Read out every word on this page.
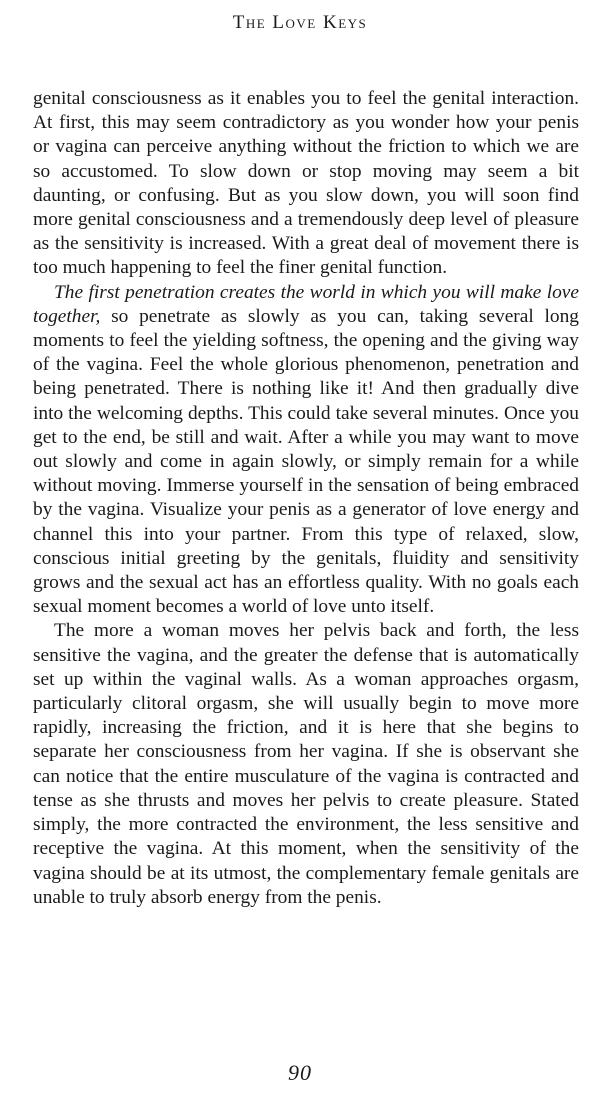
The Love Keys

genital consciousness as it enables you to feel the genital interaction. At first, this may seem contradictory as you wonder how your penis or vagina can perceive anything without the friction to which we are so accustomed. To slow down or stop moving may seem a bit daunting, or confusing. But as you slow down, you will soon find more genital consciousness and a tremendously deep level of pleasure as the sensitivity is increased. With a great deal of movement there is too much happening to feel the finer genital function.

The first penetration creates the world in which you will make love together, so penetrate as slowly as you can, taking several long moments to feel the yielding softness, the opening and the giving way of the vagina. Feel the whole glorious phenomenon, penetration and being penetrated. There is nothing like it! And then gradually dive into the welcoming depths. This could take several minutes. Once you get to the end, be still and wait. After a while you may want to move out slowly and come in again slowly, or simply remain for a while without moving. Immerse yourself in the sensation of being embraced by the vagina. Visualize your penis as a generator of love energy and channel this into your partner. From this type of relaxed, slow, conscious initial greeting by the genitals, fluidity and sensitivity grows and the sexual act has an effortless quality. With no goals each sexual moment becomes a world of love unto itself.

The more a woman moves her pelvis back and forth, the less sensitive the vagina, and the greater the defense that is automatically set up within the vaginal walls. As a woman approaches orgasm, particularly clitoral orgasm, she will usually begin to move more rapidly, increasing the friction, and it is here that she begins to separate her consciousness from her vagina. If she is observant she can notice that the entire musculature of the vagina is contracted and tense as she thrusts and moves her pelvis to create pleasure. Stated simply, the more contracted the environment, the less sensitive and receptive the vagina. At this moment, when the sensitivity of the vagina should be at its utmost, the complementary female genitals are unable to truly absorb energy from the penis.

90
